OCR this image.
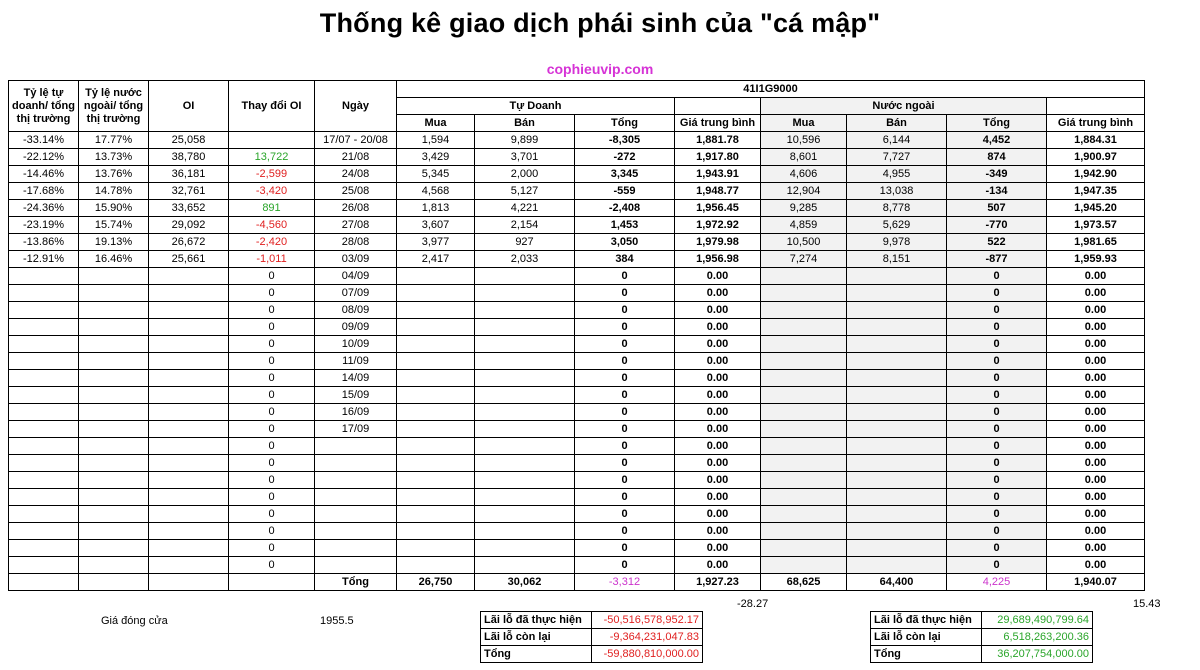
Thống kê giao dịch phái sinh của "cá mập"
cophieuvip.com
Tỷ lệ tự doanh/ tổng thị trường	Tỷ lệ nước ngoài/ tổng thị trường	OI	Thay đổi OI	Ngày	41I1G9000							
					Tự Doanh				Nước ngoài			
					Mua	Bán	Tổng	Giá trung bình	Mua	Bán	Tổng	Giá trung bình
-33.14%	17.77%	25,058		17/07 - 20/08	1,594	9,899	-8,305	1,881.78	10,596	6,144	4,452	1,884.31
-22.12%	13.73%	38,780	13,722	21/08	3,429	3,701	-272	1,917.80	8,601	7,727	874	1,900.97
-14.46%	13.76%	36,181	-2,599	24/08	5,345	2,000	3,345	1,943.91	4,606	4,955	-349	1,942.90
-17.68%	14.78%	32,761	-3,420	25/08	4,568	5,127	-559	1,948.77	12,904	13,038	-134	1,947.35
-24.36%	15.90%	33,652	891	26/08	1,813	4,221	-2,408	1,956.45	9,285	8,778	507	1,945.20
-23.19%	15.74%	29,092	-4,560	27/08	3,607	2,154	1,453	1,972.92	4,859	5,629	-770	1,973.57
-13.86%	19.13%	26,672	-2,420	28/08	3,977	927	3,050	1,979.98	10,500	9,978	522	1,981.65
-12.91%	16.46%	25,661	-1,011	03/09	2,417	2,033	384	1,956.98	7,274	8,151	-877	1,959.93
			0	04/09			0	0.00			0	0.00
			0	07/09			0	0.00			0	0.00
			0	08/09			0	0.00			0	0.00
			0	09/09			0	0.00			0	0.00
			0	10/09			0	0.00			0	0.00
			0	11/09			0	0.00			0	0.00
			0	14/09			0	0.00			0	0.00
			0	15/09			0	0.00			0	0.00
			0	16/09			0	0.00			0	0.00
			0	17/09			0	0.00			0	0.00
			0				0	0.00			0	0.00
			0				0	0.00			0	0.00
			0				0	0.00			0	0.00
			0				0	0.00			0	0.00
			0				0	0.00			0	0.00
			0				0	0.00			0	0.00
			0				0	0.00			0	0.00
			0				0	0.00			0	0.00
				Tổng	26,750	30,062	-3,312	1,927.23	68,625	64,400	4,225	1,940.07
Giá đóng cửa	1955.5
-28.27	15.43
Lãi lỗ đã thực hiện	-50,516,578,952.17
Lãi lỗ còn lại	-9,364,231,047.83
Tổng	-59,880,810,000.00
Lãi lỗ đã thực hiện	29,689,490,799.64
Lãi lỗ còn lại	6,518,263,200.36
Tổng	36,207,754,000.00
